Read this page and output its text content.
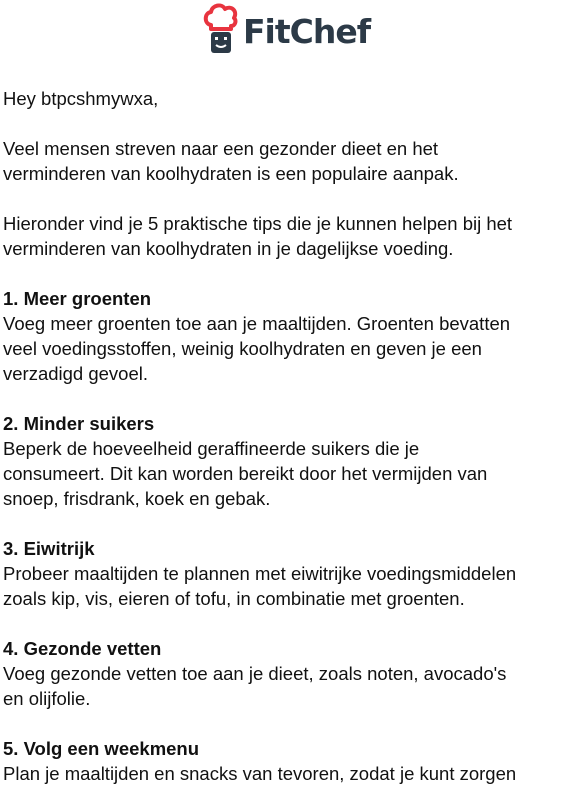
FitChef

Hey btpcshmywxa,

Veel mensen streven naar een gezonder dieet en het
verminderen van koolhydraten is een populaire aanpak.
Hieronder vind je 5 praktische tips die je kunnen helpen bij het
verminderen van koolhydraten in je dagelijkse voeding.
1. Meer groenten
Voeg meer groenten toe aan je maaltijden. Groenten bevatten
veel voedingsstoffen, weinig koolhydraten en geven je een
verzadigd gevoel.
2. Minder suikers
Beperk de hoeveelheid geraffineerde suikers die je
consumeert. Dit kan worden bereikt door het vermijden van
snoep, frisdrank, koek en gebak.
3. Eiwitrijk
Probeer maaltijden te plannen met eiwitrijke voedingsmiddelen
zoals kip, vis, eieren of tofu, in combinatie met groenten.
4. Gezonde vetten
Voeg gezonde vetten toe aan je dieet, zoals noten, avocado's
en olijfolie.
5. Volg een weekmenu
Plan je maaltijden en snacks van tevoren, zodat je kunt zorgen
